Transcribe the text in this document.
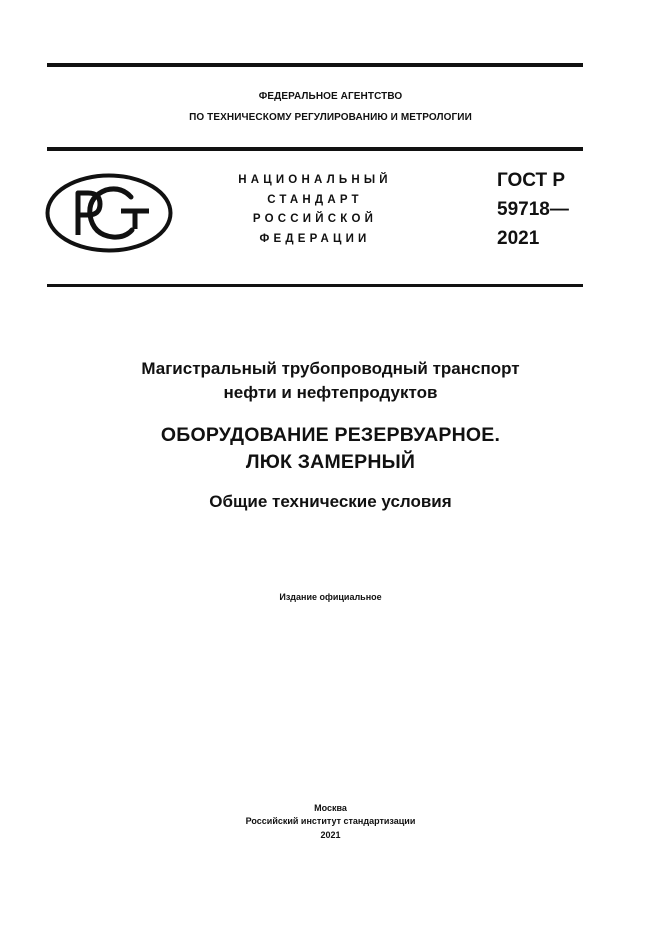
ФЕДЕРАЛЬНОЕ АГЕНТСТВО
ПО ТЕХНИЧЕСКОМУ РЕГУЛИРОВАНИЮ И МЕТРОЛОГИИ
НАЦИОНАЛЬНЫЙ
СТАНДАРТ
РОССИЙСКОЙ
ФЕДЕРАЦИИ
ГОСТ Р
59718—
2021
Магистральный трубопроводный транспорт
нефти и нефтепродуктов
ОБОРУДОВАНИЕ РЕЗЕРВУАРНОЕ.
ЛЮК ЗАМЕРНЫЙ
Общие технические условия
Издание официальное
Москва
Российский институт стандартизации
2021
